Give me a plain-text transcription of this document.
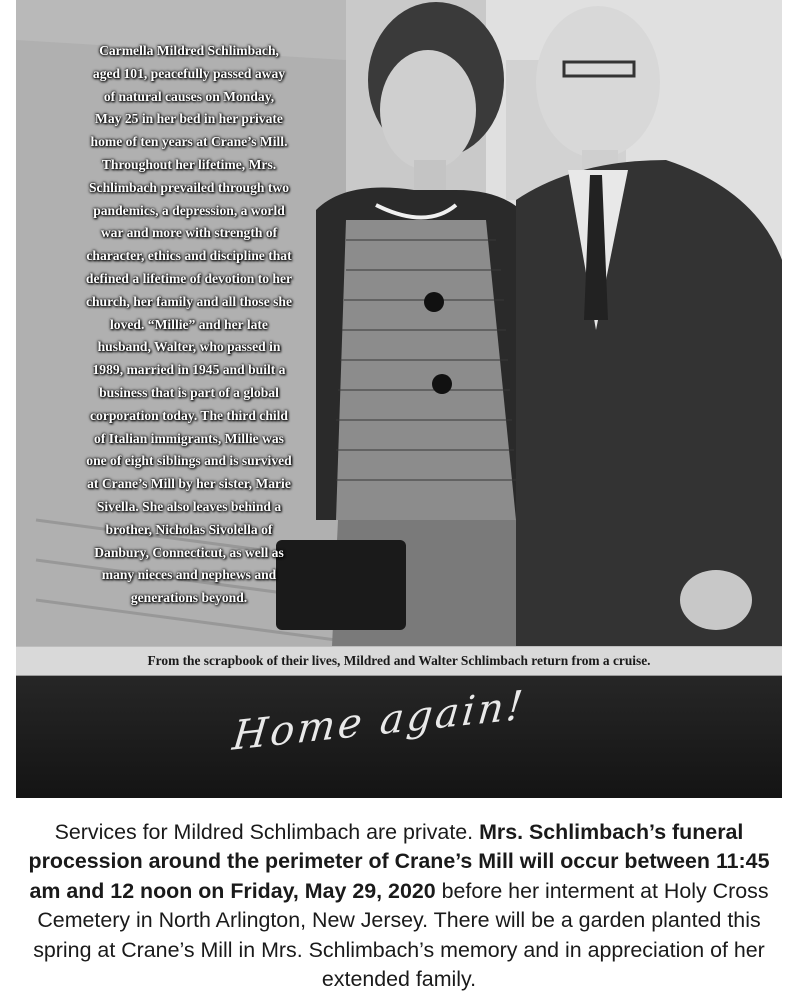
Carmella Mildred Schlimbach,
aged 101, peacefully passed away
of natural causes on Monday,
May 25 in her bed in her private
home of ten years at Crane’s Mill.
Throughout her lifetime, Mrs.
Schlimbach prevailed through two
pandemics, a depression, a world
war and more with strength of
character, ethics and discipline that
defined a lifetime of devotion to her
church, her family and all those she
loved. “Millie” and her late
husband, Walter, who passed in
1989, married in 1945 and built a
business that is part of a global
corporation today. The third child
of Italian immigrants, Millie was
one of eight siblings and is survived
at Crane’s Mill by her sister, Marie
Sivella. She also leaves behind a
brother, Nicholas Sivolella of
Danbury, Connecticut, as well as
many nieces and nephews and
generations beyond.

From the scrapbook of their lives, Mildred and Walter Schlimbach return from a cruise.

Home again!

Services for Mildred Schlimbach are private. Mrs. Schlimbach’s funeral procession around the perimeter of Crane’s Mill will occur between 11:45 am and 12 noon on Friday, May 29, 2020 before her interment at Holy Cross Cemetery in North Arlington, New Jersey. There will be a garden planted this spring at Crane’s Mill in Mrs. Schlimbach’s memory and in appreciation of her extended family.
